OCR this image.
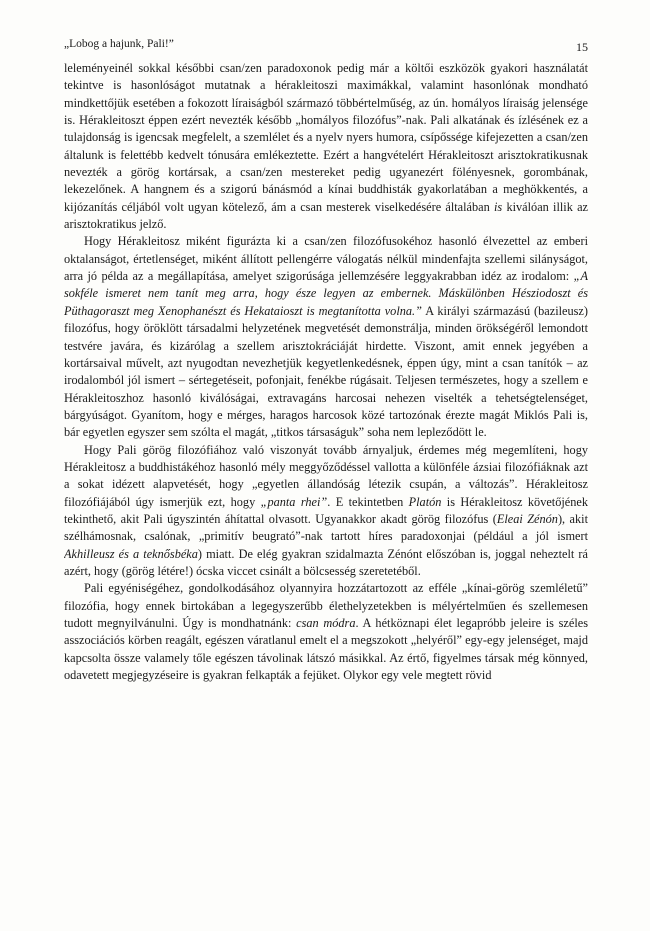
„Lobog a hajunk, Pali!”	15

leleményeinél sokkal későbbi csan/zen paradoxonok pedig már a költői eszközök gyakori használatát tekintve is hasonlóságot mutatnak a hérakleitoszi maximákkal, valamint hasonlónak mondható mindkettőjük esetében a fokozott líraiságból származó többértelműség, az ún. homályos líraiság jelensége is. Hérakleitoszt éppen ezért nevezték később „homályos filozófus”-nak. Pali alkatának és ízlésének ez a tulajdonság is igencsak megfelelt, a szemlélet és a nyelv nyers humora, csípőssége kifejezetten a csan/zen általunk is felettébb kedvelt tónusára emlékeztette. Ezért a hangvételért Hérakleitoszt arisztokratikusnak nevezték a görög kortársak, a csan/zen mestereket pedig ugyanezért fölényesnek, gorombának, lekezelőnek. A hangnem és a szigorú bánásmód a kínai buddhisták gyakorlatában a meghökkentés, a kijózanítás céljából volt ugyan kötelező, ám a csan mesterek viselkedésére általában is kiválóan illik az arisztokratikus jelző.

Hogy Hérakleitosz miként figurázta ki a csan/zen filozófusokéhoz hasonló élvezettel az emberi oktalanságot, értetlenséget, miként állított pellengérre válogatás nélkül mindenfajta szellemi silányságot, arra jó példa az a megállapítása, amelyet szigorúsága jellemzésére leggyakrabban idéz az irodalom: „A sokféle ismeret nem tanít meg arra, hogy észe legyen az embernek. Máskülönben Hésziodoszt és Püthagoraszt meg Xenophanészt és Hekataioszt is megtanította volna.” A királyi származású (bazileusz) filozófus, hogy öröklött társadalmi helyzetének megvetését demonstrálja, minden örökségéről lemondott testvére javára, és kizárólag a szellem arisztokráciáját hirdette. Viszont, amit ennek jegyében a kortársaival művelt, azt nyugodtan nevezhetjük kegyetlenkedésnek, éppen úgy, mint a csan tanítók – az irodalomból jól ismert – sértegetéseit, pofonjait, fenékbe rúgásait. Teljesen természetes, hogy a szellem e Hérakleitoszhoz hasonló kiválóságai, extravagáns harcosai nehezen viselték a tehetségtelenséget, bárgyúságot. Gyanítom, hogy e mérges, haragos harcosok közé tartozónak érezte magát Miklós Pali is, bár egyetlen egyszer sem szólta el magát, „titkos társaságuk” soha nem lepleződött le.

Hogy Pali görög filozófiához való viszonyát tovább árnyaljuk, érdemes még megemlíteni, hogy Hérakleitosz a buddhistákéhoz hasonló mély meggyőződéssel vallotta a különféle ázsiai filozófiáknak azt a sokat idézett alapvetését, hogy „egyetlen állandóság létezik csupán, a változás”. Hérakleitosz filozófiájából úgy ismerjük ezt, hogy „panta rhei”. E tekintetben Platón is Hérakleitosz követőjének tekinthető, akit Pali úgyszintén áhítattal olvasott. Ugyanakkor akadt görög filozófus (Eleai Zénón), akit szélhámosnak, csalónak, „primitív beugrató”-nak tartott híres paradoxonjai (például a jól ismert Akhilleusz és a teknősbéka) miatt. De elég gyakran szidalmazta Zénónt előszóban is, joggal neheztelt rá azért, hogy (görög létére!) ócska viccet csinált a bölcsesség szeretetéből.

Pali egyéniségéhez, gondolkodásához olyannyira hozzátartozott az efféle „kínai-görög szemléletű” filozófia, hogy ennek birtokában a legegyszerűbb élethelyzetekben is mélyértelműen és szellemesen tudott megnyilvánulni. Úgy is mondhatnánk: csan módra. A hétköznapi élet legapróbb jeleire is széles asszociációs körben reagált, egészen váratlanul emelt el a megszokott „helyéről” egy-egy jelenséget, majd kapcsolta össze valamely tőle egészen távolinak látszó másikkal. Az értő, figyelmes társak még könnyed, odavetett megjegyzéseire is gyakran felkapták a fejüket. Olykor egy vele megtett rövid
